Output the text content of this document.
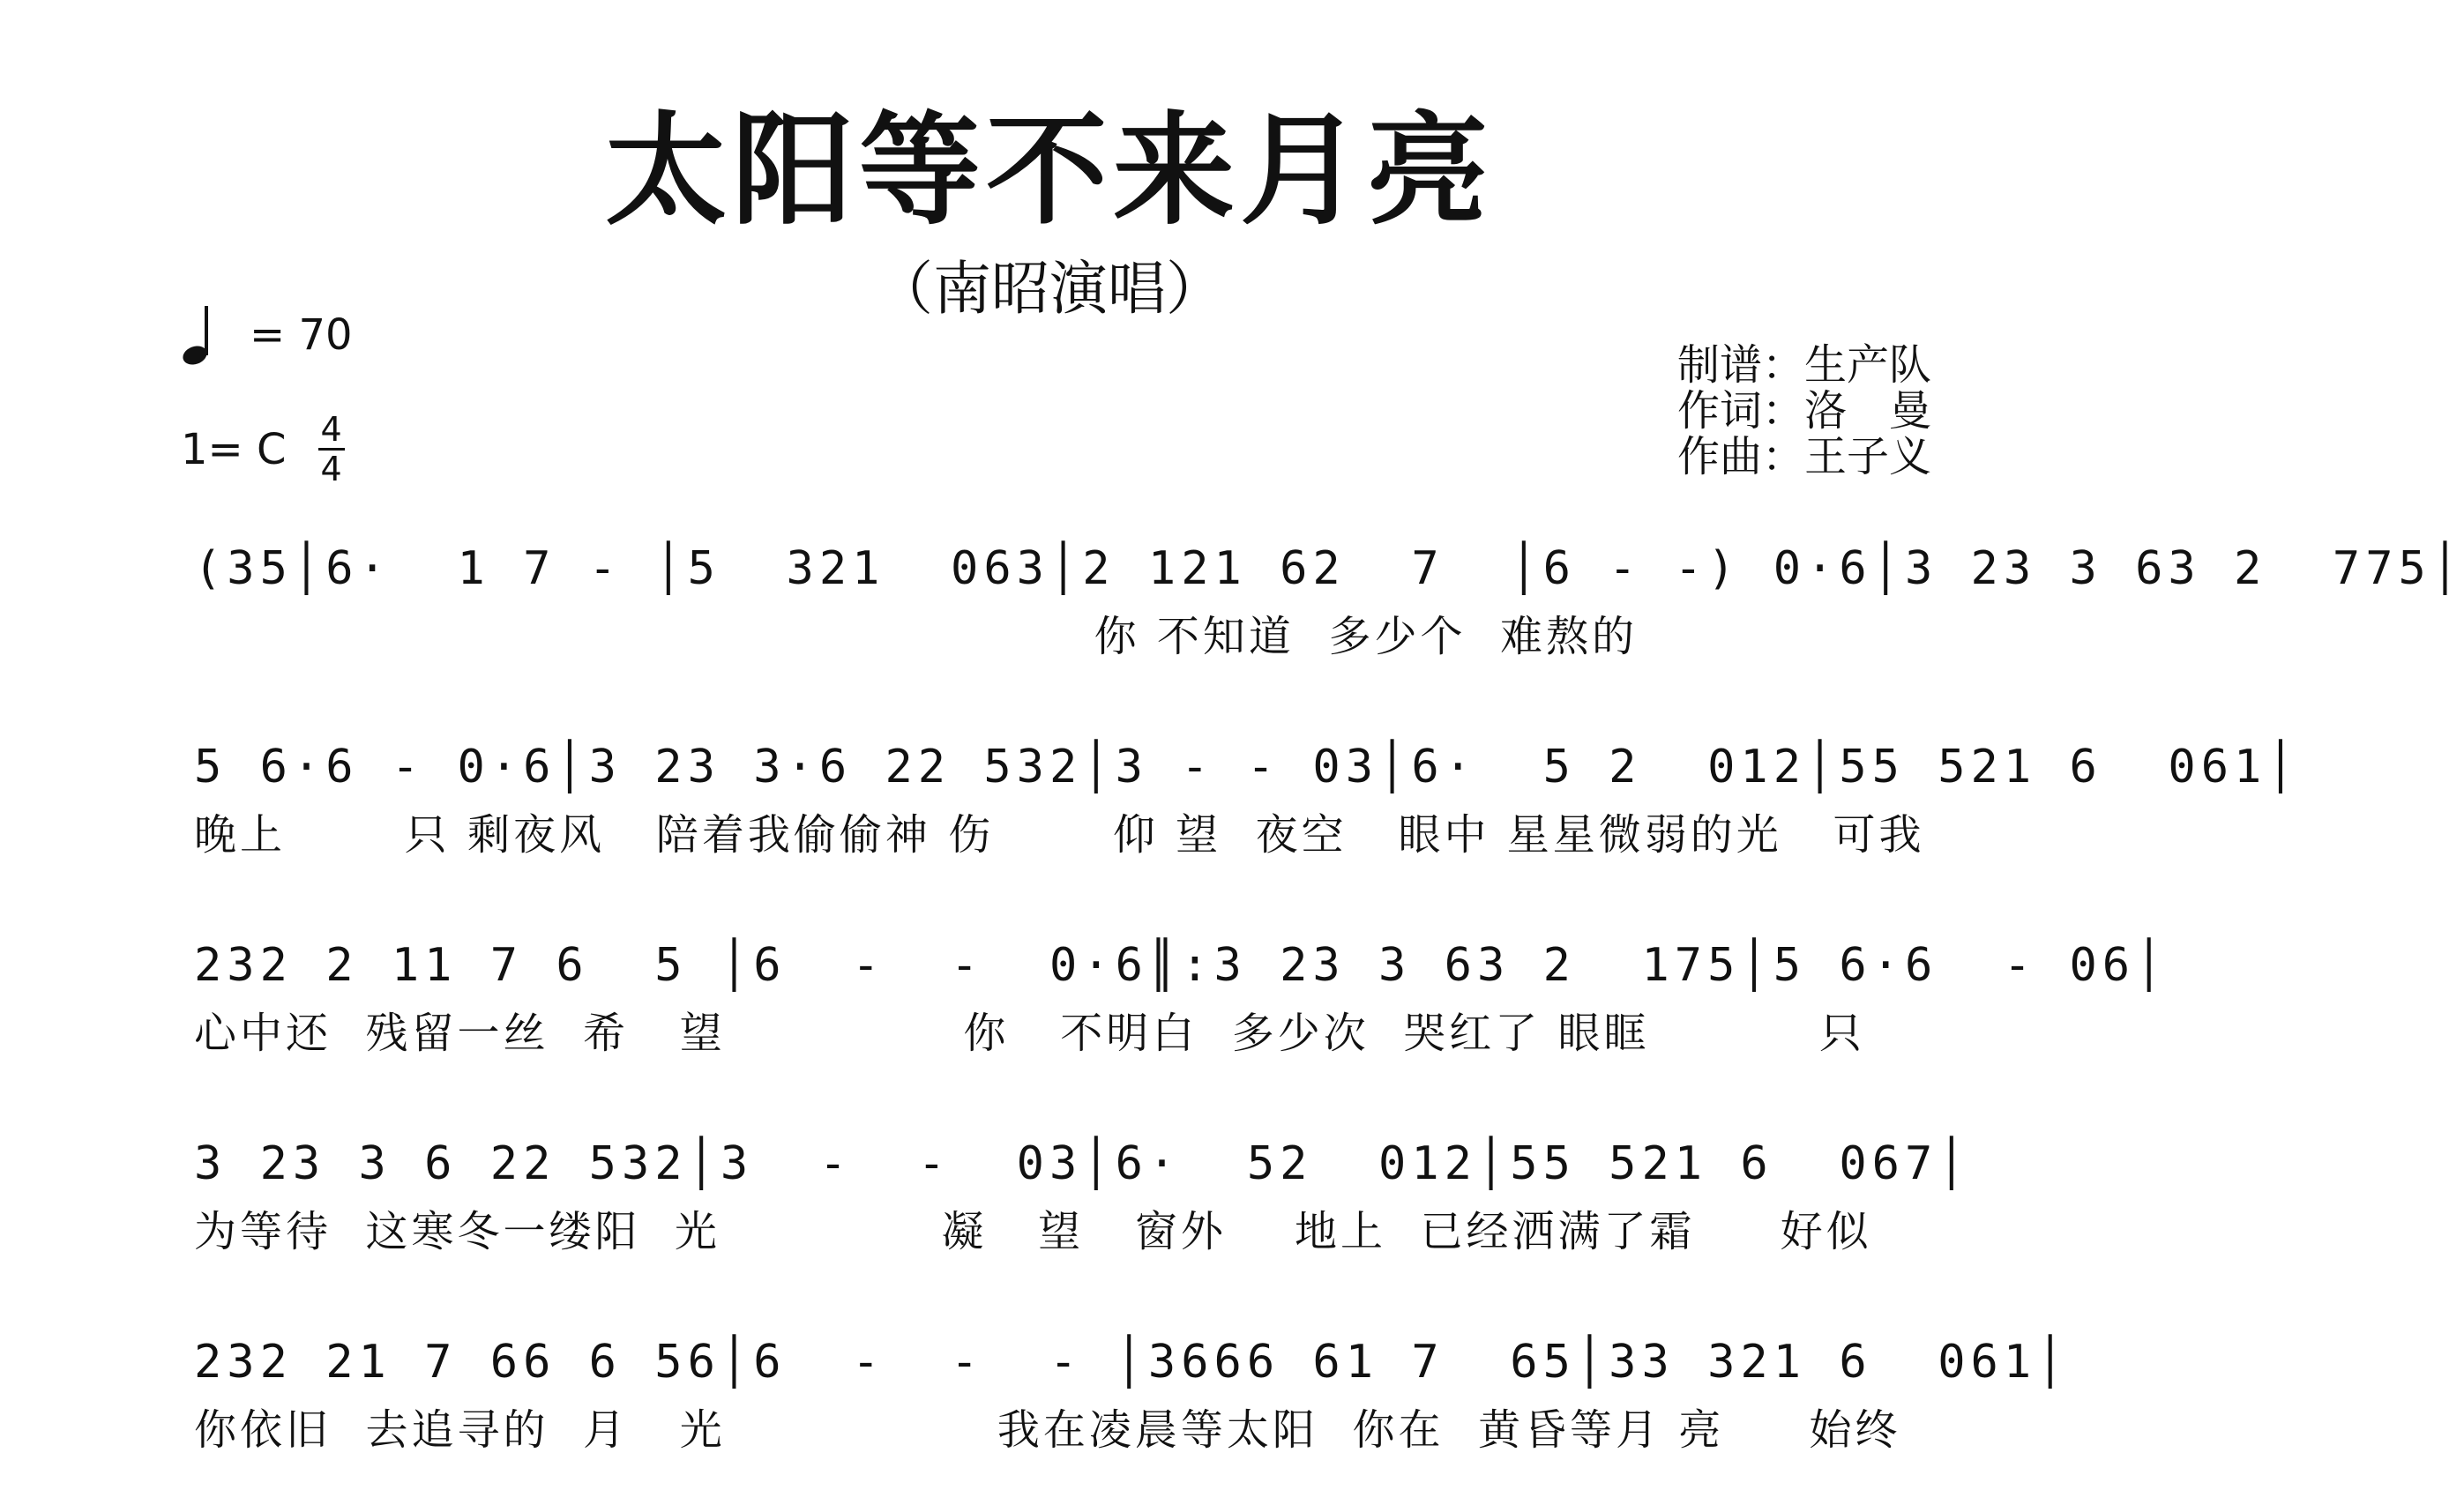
太阳等不来月亮
（南昭演唱）
= 70
1= C 4
4
制谱：生产队
作词：洛　曼
作曲：王子义
(35│6·  1 7 - │5  321  063│2 121 62  7  │6 - -) 0·6│3 23 3 63 2  775│
你 不知道  多少个  难熬的
5 6·6 - 0·6│3 23 3·6 22 532│3 - - 03│6·  5 2  012│55 521 6  061│
晚上       只 剩夜风   陪着我偷偷神 伤       仰 望  夜空   眼中 星星微弱的光   可我
232 2 11 7 6  5 │6  -  -  0·6║:3 23 3 63 2  175│5 6·6  - 06│
心中还  残留一丝  希   望              你   不明白  多少次  哭红了 眼眶          只
3 23 3 6 22 532│3  -  -  03│6·  52  012│55 521 6  067│
为等待  这寒冬一缕阳  光             凝   望   窗外    地上  已经洒满了霜     好似
232 21 7 66 6 56│6  -  -  - │3666 61 7  65│33 321 6  061│
你依旧  去追寻的  月   光                我在凌晨等太阳  你在  黄昏等月 亮     始终
